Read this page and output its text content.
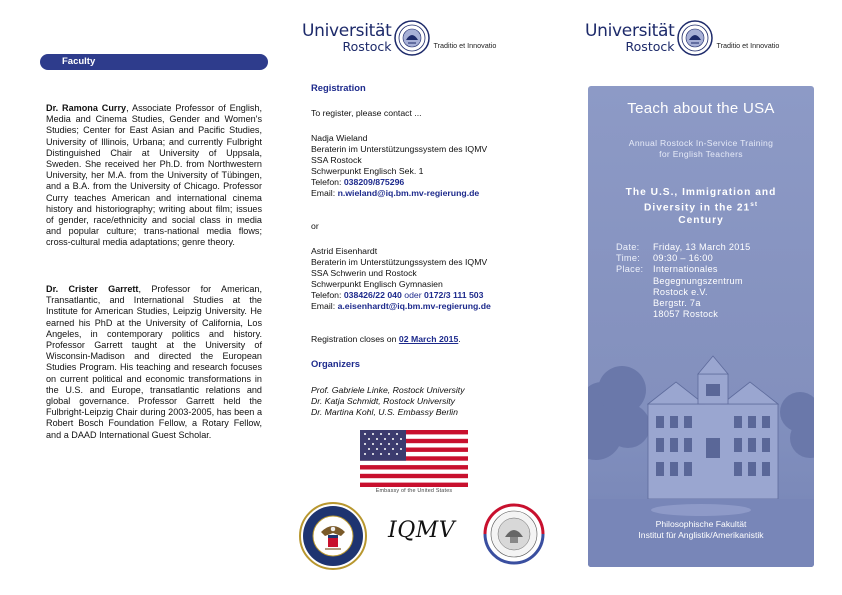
Faculty

Dr. Ramona Curry, Associate Professor of English, Media and Cinema Studies, Gender and Women's Studies; Center for East Asian and Pacific Studies, University of Illinois, Urbana; and currently Fulbright Distinguished Chair at University of Uppsala, Sweden. She received her Ph.D. from Northwestern University, her M.A. from the University of Tübingen, and a B.A. from the University of Chicago. Professor Curry teaches American and international cinema history and historiography; writing about film; issues of gender, race/ethnicity and social class in media and popular culture; trans-national media flows; cross-cultural media adaptations; genre theory.

Dr. Crister Garrett, Professor for American, Transatlantic, and International Studies at the Institute for American Studies, Leipzig University. He earned his PhD at the University of California, Los Angeles, in contemporary politics and history. Professor Garrett taught at the University of Wisconsin-Madison and directed the European Studies Program. His teaching and research focuses on current political and economic transformations in the U.S. and Europe, transatlantic relations and global governance. Professor Garrett held the Fulbright-Leipzig Chair during 2003-2005, has been a Robert Bosch Foundation Fellow, a Rotary Fellow, and a DAAD International Guest Scholar.

Universität
Rostock	Traditio et Innovatio
Registration
To register, please contact ...
Nadja Wieland
Beraterin im Unterstützungssystem des IQMV
SSA Rostock
Schwerpunkt Englisch Sek. 1
Telefon: 038209/875296
Email: n.wieland@iq.bm.mv-regierung.de
or
Astrid Eisenhardt
Beraterin im Unterstützungssystem des IQMV
SSA Schwerin und Rostock
Schwerpunkt Englisch Gymnasien
Telefon: 038426/22 040 oder 0172/3 111 503
Email: a.eisenhardt@iq.bm.mv-regierung.de
Registration closes on 02 March 2015.
Organizers
Prof. Gabriele Linke, Rostock University
Dr. Katja Schmidt, Rostock University
Dr. Martina Kohl, U.S. Embassy Berlin
Embassy of the United States
IQMV
Universität
Rostock	Traditio et Innovatio
Teach about the USA
Annual Rostock In-Service Training
for English Teachers
The U.S., Immigration and
Diversity in the 21st
Century
Date:	Friday, 13 March 2015
Time:	09:30 – 16:00
Place:	Internationales
Begegnungszentrum
Rostock e.V.
Bergstr. 7a
18057 Rostock
Philosophische Fakultät
Institut für Anglistik/Amerikanistik
